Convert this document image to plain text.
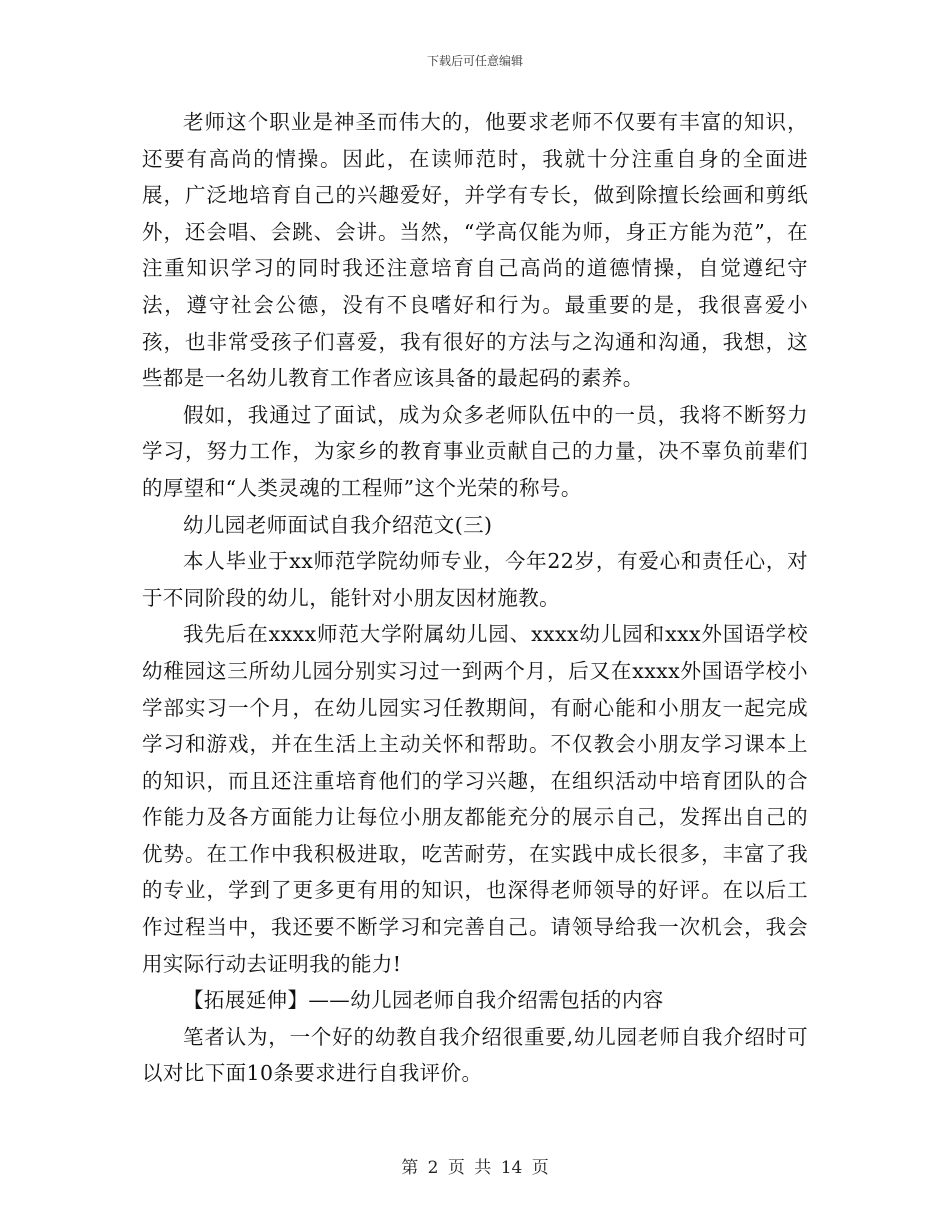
下载后可任意编辑

老师这个职业是神圣而伟大的，他要求老师不仅要有丰富的知识，还要有高尚的情操。因此，在读师范时，我就十分注重自身的全面进展，广泛地培育自己的兴趣爱好，并学有专长，做到除擅长绘画和剪纸外，还会唱、会跳、会讲。当然，“学高仅能为师，身正方能为范”，在注重知识学习的同时我还注意培育自己高尚的道德情操，自觉遵纪守法，遵守社会公德，没有不良嗜好和行为。最重要的是，我很喜爱小孩，也非常受孩子们喜爱，我有很好的方法与之沟通和沟通，我想，这些都是一名幼儿教育工作者应该具备的最起码的素养。

假如，我通过了面试，成为众多老师队伍中的一员，我将不断努力学习，努力工作，为家乡的教育事业贡献自己的力量，决不辜负前辈们的厚望和“人类灵魂的工程师”这个光荣的称号。

幼儿园老师面试自我介绍范文(三)

本人毕业于xx师范学院幼师专业，今年22岁，有爱心和责任心，对于不同阶段的幼儿，能针对小朋友因材施教。

我先后在xxxx师范大学附属幼儿园、xxxx幼儿园和xxx外国语学校幼稚园这三所幼儿园分别实习过一到两个月，后又在xxxx外国语学校小学部实习一个月，在幼儿园实习任教期间，有耐心能和小朋友一起完成学习和游戏，并在生活上主动关怀和帮助。不仅教会小朋友学习课本上的知识，而且还注重培育他们的学习兴趣，在组织活动中培育团队的合作能力及各方面能力让每位小朋友都能充分的展示自己，发挥出自己的优势。在工作中我积极进取，吃苦耐劳，在实践中成长很多，丰富了我的专业，学到了更多更有用的知识，也深得老师领导的好评。在以后工作过程当中，我还要不断学习和完善自己。请领导给我一次机会，我会用实际行动去证明我的能力!

【拓展延伸】——幼儿园老师自我介绍需包括的内容

笔者认为，一个好的幼教自我介绍很重要,幼儿园老师自我介绍时可以对比下面10条要求进行自我评价。

第 2 页 共 14 页
